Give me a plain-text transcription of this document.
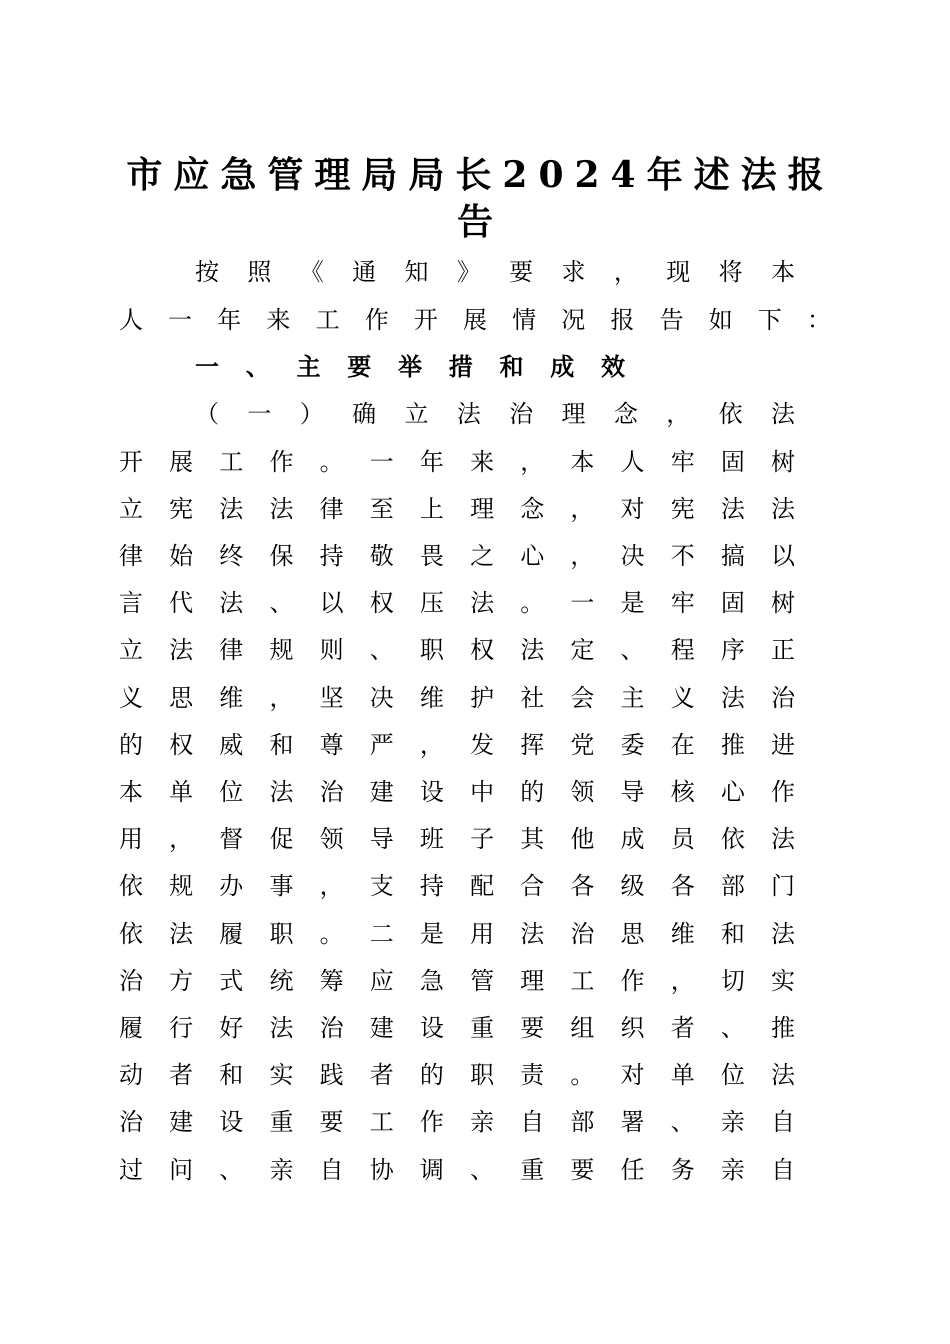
市应急管理局局长2024年述法报
告

按照《通知》要求，现将本

人一年来工作开展情况报告如下：

一、主要举措和成效

（一）确立法治理念，依法

开展工作。一年来，本人牢固树

立宪法法律至上理念，对宪法法

律始终保持敬畏之心，决不搞以

言代法、以权压法。一是牢固树

立法律规则、职权法定、程序正

义思维，坚决维护社会主义法治

的权威和尊严，发挥党委在推进

本单位法治建设中的领导核心作

用，督促领导班子其他成员依法

依规办事，支持配合各级各部门

依法履职。二是用法治思维和法

治方式统筹应急管理工作，切实

履行好法治建设重要组织者、推

动者和实践者的职责。对单位法

治建设重要工作亲自部署、亲自

过问、亲自协调、重要任务亲自
